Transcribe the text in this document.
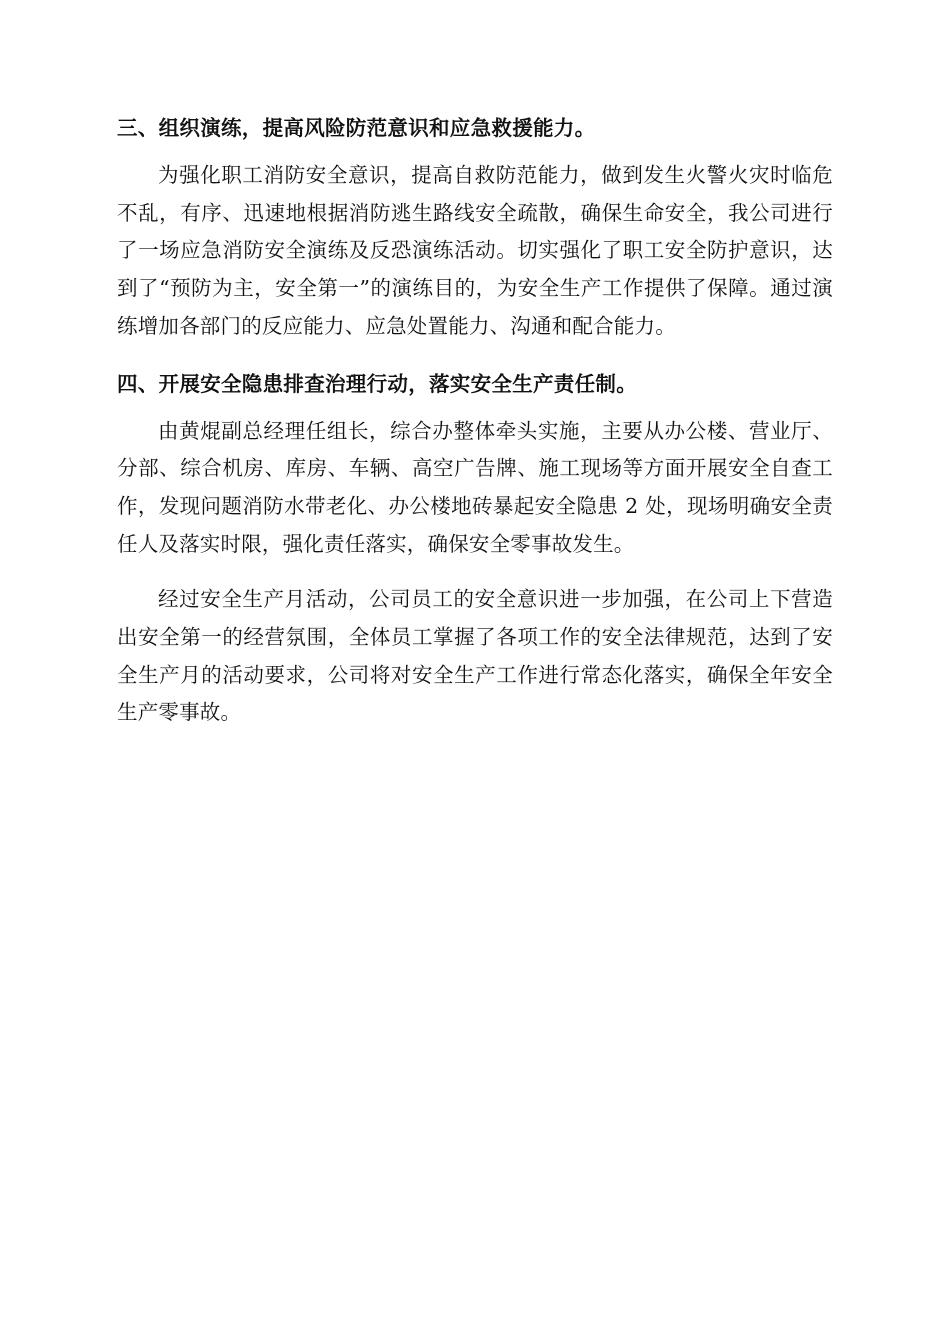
三、组织演练，提高风险防范意识和应急救援能力。

为强化职工消防安全意识，提高自救防范能力，做到发生火警火灾时临危不乱，有序、迅速地根据消防逃生路线安全疏散，确保生命安全，我公司进行了一场应急消防安全演练及反恐演练活动。切实强化了职工安全防护意识，达到了“预防为主，安全第一”的演练目的，为安全生产工作提供了保障。通过演练增加各部门的反应能力、应急处置能力、沟通和配合能力。

四、开展安全隐患排查治理行动，落实安全生产责任制。

由黄焜副总经理任组长，综合办整体牵头实施，主要从办公楼、营业厅、分部、综合机房、库房、车辆、高空广告牌、施工现场等方面开展安全自查工作，发现问题消防水带老化、办公楼地砖暴起安全隐患 2 处，现场明确安全责任人及落实时限，强化责任落实，确保安全零事故发生。

经过安全生产月活动，公司员工的安全意识进一步加强，在公司上下营造出安全第一的经营氛围，全体员工掌握了各项工作的安全法律规范，达到了安全生产月的活动要求，公司将对安全生产工作进行常态化落实，确保全年安全生产零事故。
